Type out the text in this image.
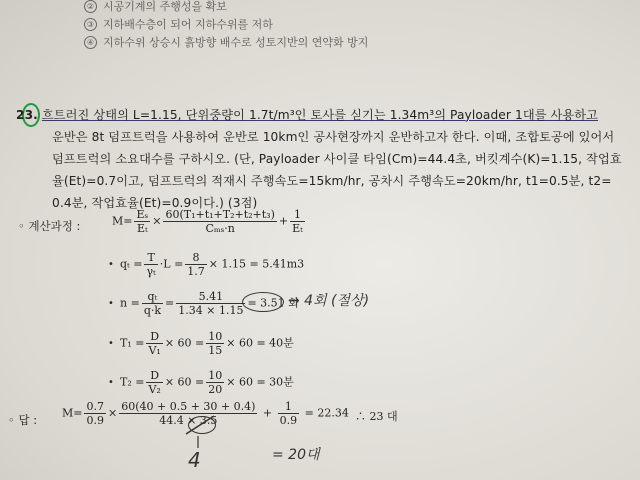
② 시공기계의 주행성을 확보
③ 지하배수층이 되어 지하수위를 저하
④ 지하수위 상승시 흙방향 배수로 성토지반의 연약화 방지
23. 흐트러진 상태의 L=1.15, 단위중량이 1.7t/m³인 토사를 싣기는 1.34m³의 Payloader 1대를 사용하고
운반은 8t 덤프트럭을 사용하여 운반로 10km인 공사현장까지 운반하고자 한다. 이때, 조합토공에 있어서
덤프트럭의 소요대수를 구하시오. (단, Payloader 사이클 타임(Cm)=44.4초, 버킷계수(K)=1.15, 작업효
율(Et)=0.7이고, 덤프트럭의 적재시 주행속도=15km/hr, 공차시 주행속도=20km/hr, t1=0.5분, t2=
0.4분, 작업효율(Et)=0.9이다.) (3점)
◦ 계산과정 :	$M= \frac{\text{Eₛ}}{\text{Eₜ}} \times \frac{\text{60(T₁+t₁+T₂+t₂+t₃)}}{\text{Cₘₛ·n}} + \frac{1}{\text{Eₜ}}$
• $q_t = \frac{T}{\text{γₜ}} \cdot L = \frac{8}{1.7} \times 1.15 = 5.41m3$
• $n = \frac{\text{qₜ}}{q\cdot k} = \frac{5.41}{1.34 \times 1.15} = 3.51$ 회
→ 4회 (절상)
• $T_1 = \frac{D}{\text{V₁}} \times 60 = \frac{10}{15} \times 60 = 40$분
• $T_2 = \frac{D}{\text{V₂}} \times 60 = \frac{10}{20} \times 60 = 30$분
◦ 답 : $M= \frac{0.7}{0.9} \times \frac{60(40 + 0.5 + 30 + 0.4)}{44.4 \times 3.5} + \frac{1}{0.9} = 22.34$ ∴ 23 대
4	= 20대
